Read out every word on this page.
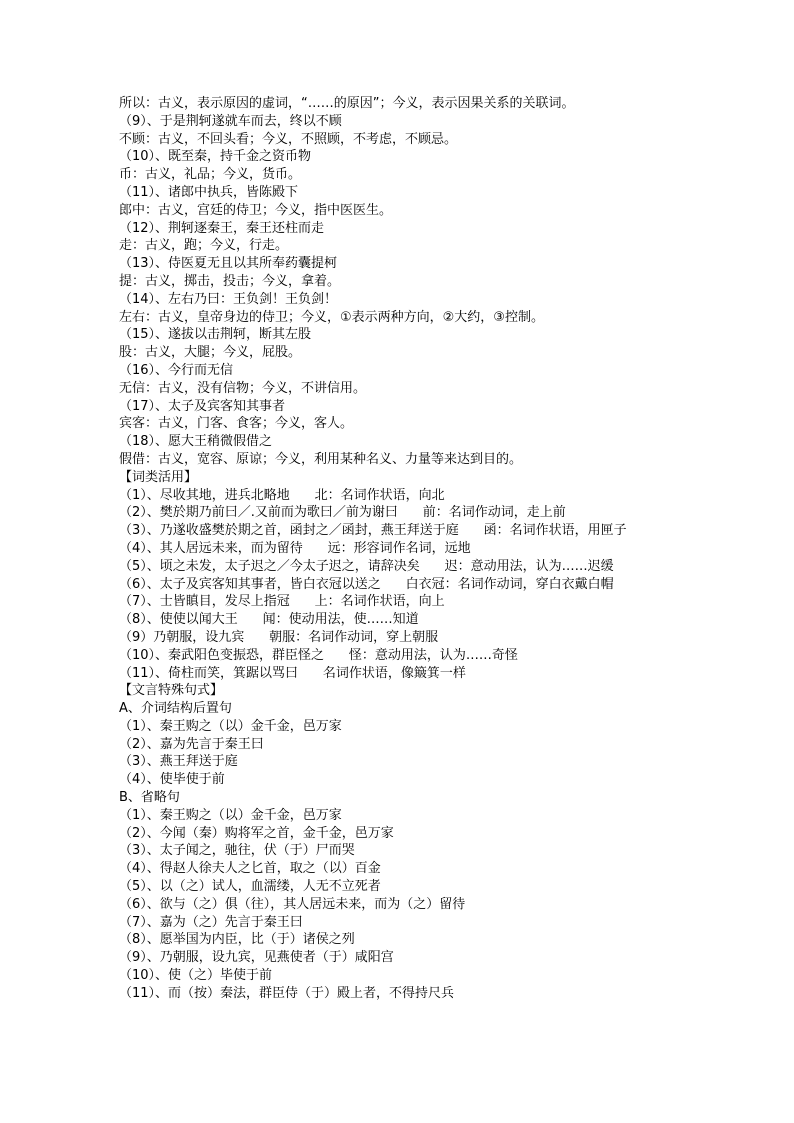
所以：古义，表示原因的虚词，“……的原因”；今义，表示因果关系的关联词。
（9）、于是荆轲遂就车而去，终以不顾
不顾：古义，不回头看；今义，不照顾，不考虑，不顾忌。
（10）、既至秦，持千金之资币物
币：古义，礼品；今义，货币。
（11）、诸郎中执兵，皆陈殿下
郎中：古义，宫廷的侍卫；今义，指中医医生。
（12）、荆轲逐秦王，秦王还柱而走
走：古义，跑；今义，行走。
（13）、侍医夏无且以其所奉药囊提柯
提：古义，掷击，投击；今义，拿着。
（14）、左右乃曰：王负剑！王负剑！
左右：古义，皇帝身边的侍卫；今义，①表示两种方向，②大约，③控制。
（15）、遂拔以击荆轲，断其左股
股：古义，大腿；今义，屁股。
（16）、今行而无信
无信：古义，没有信物；今义，不讲信用。
（17）、太子及宾客知其事者
宾客：古义，门客、食客；今义，客人。
（18）、愿大王稍微假借之
假借：古义，宽容、原谅；今义，利用某种名义、力量等来达到目的。
【词类活用】
（1）、尽收其地，进兵北略地      北：名词作状语，向北
（2）、樊於期乃前曰／.又前而为歌曰／前为谢曰      前：名词作动词，走上前
（3）、乃遂收盛樊於期之首，函封之／函封，燕王拜送于庭      函：名词作状语，用匣子
（4）、其人居远未来，而为留待      远：形容词作名词，远地
（5）、顷之未发，太子迟之／今太子迟之，请辞决矣      迟：意动用法，认为……迟缓
（6）、太子及宾客知其事者，皆白衣冠以送之      白衣冠：名词作动词，穿白衣戴白帽
（7）、士皆瞋目，发尽上指冠      上：名词作状语，向上
（8）、使使以闻大王      闻：使动用法，使……知道
（9）乃朝服，设九宾      朝服：名词作动词，穿上朝服
（10）、秦武阳色变振恐，群臣怪之      怪：意动用法，认为……奇怪
（11）、倚柱而笑，箕踞以骂曰      名词作状语，像簸箕一样
【文言特殊句式】
A、介词结构后置句
（1）、秦王购之（以）金千金，邑万家
（2）、嘉为先言于秦王曰
（3）、燕王拜送于庭
（4）、使毕使于前
B、省略句
（1）、秦王购之（以）金千金，邑万家
（2）、今闻（秦）购将军之首，金千金，邑万家
（3）、太子闻之，驰往，伏（于）尸而哭
（4）、得赵人徐夫人之匕首，取之（以）百金
（5）、以（之）试人，血濡缕，人无不立死者
（6）、欲与（之）俱（往），其人居远未来，而为（之）留待
（7）、嘉为（之）先言于秦王曰
（8）、愿举国为内臣，比（于）诸侯之列
（9）、乃朝服，设九宾，见燕使者（于）咸阳宫
（10）、使（之）毕使于前
（11）、而（按）秦法，群臣侍（于）殿上者，不得持尺兵
